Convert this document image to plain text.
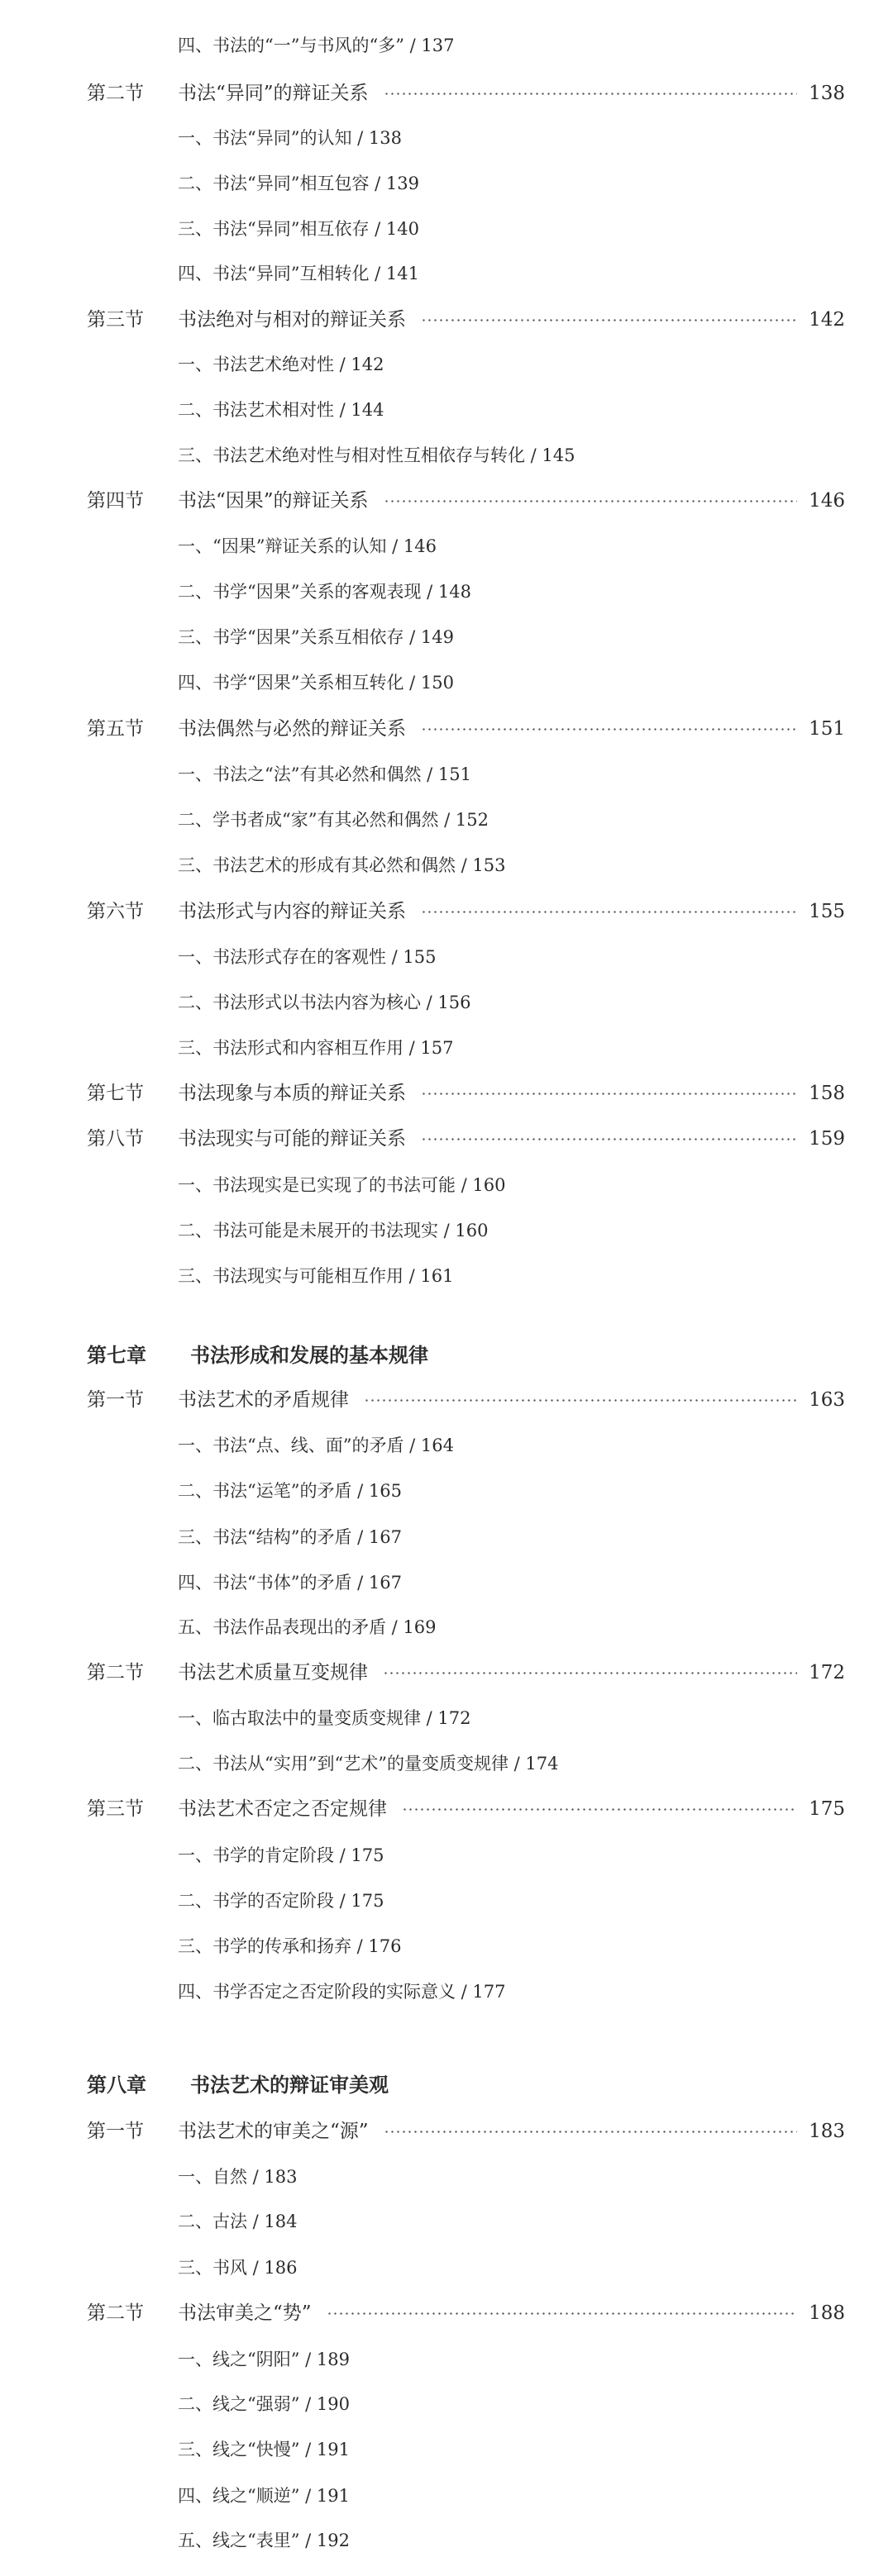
四、书法的“一”与书风的“多” / 137
第二节 书法“异同”的辩证关系	138
一、书法“异同”的认知 / 138
二、书法“异同”相互包容 / 139
三、书法“异同”相互依存 / 140
四、书法“异同”互相转化 / 141
第三节 书法绝对与相对的辩证关系	142
一、书法艺术绝对性 / 142
二、书法艺术相对性 / 144
三、书法艺术绝对性与相对性互相依存与转化 / 145
第四节 书法“因果”的辩证关系	146
一、“因果”辩证关系的认知 / 146
二、书学“因果”关系的客观表现 / 148
三、书学“因果”关系互相依存 / 149
四、书学“因果”关系相互转化 / 150
第五节 书法偶然与必然的辩证关系	151
一、书法之“法”有其必然和偶然 / 151
二、学书者成“家”有其必然和偶然 / 152
三、书法艺术的形成有其必然和偶然 / 153
第六节 书法形式与内容的辩证关系	155
一、书法形式存在的客观性 / 155
二、书法形式以书法内容为核心 / 156
三、书法形式和内容相互作用 / 157
第七节 书法现象与本质的辩证关系	158
第八节 书法现实与可能的辩证关系	159
一、书法现实是已实现了的书法可能 / 160
二、书法可能是未展开的书法现实 / 160
三、书法现实与可能相互作用 / 161
第七章 书法形成和发展的基本规律
第一节 书法艺术的矛盾规律	163
一、书法“点、线、面”的矛盾 / 164
二、书法“运笔”的矛盾 / 165
三、书法“结构”的矛盾 / 167
四、书法“书体”的矛盾 / 167
五、书法作品表现出的矛盾 / 169
第二节 书法艺术质量互变规律	172
一、临古取法中的量变质变规律 / 172
二、书法从“实用”到“艺术”的量变质变规律 / 174
第三节 书法艺术否定之否定规律	175
一、书学的肯定阶段 / 175
二、书学的否定阶段 / 175
三、书学的传承和扬弃 / 176
四、书学否定之否定阶段的实际意义 / 177
第八章 书法艺术的辩证审美观
第一节 书法艺术的审美之“源”	183
一、自然 / 183
二、古法 / 184
三、书风 / 186
第二节 书法审美之“势”	188
一、线之“阴阳” / 189
二、线之“强弱” / 190
三、线之“快慢” / 191
四、线之“顺逆” / 191
五、线之“表里” / 192
